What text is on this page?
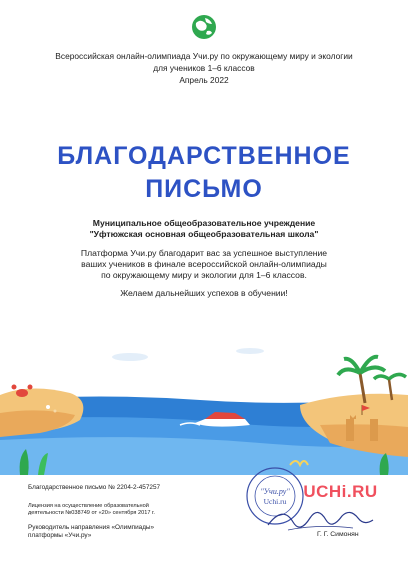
Всероссийская онлайн-олимпиада Учи.ру по окружающему миру и экологии
для учеников 1–6 классов
Апрель 2022
БЛАГОДАРСТВЕННОЕ
ПИСЬМО
Муниципальное общеобразовательное учреждение
"Уфтюжская основная общеобразовательная школа"
Платформа Учи.ру благодарит вас за успешное выступление
ваших учеников в финале всероссийской онлайн-олимпиады
по окружающему миру и экологии для 1–6 классов.
Желаем дальнейших успехов в обучении!
Благодарственное письмо № 2204-2-457257
Лицензия на осуществление образовательной
деятельности №038749 от «20» сентября 2017 г.
Руководитель направления «Олимпиады»
платформы «Учи.ру»
"Учи.ру"
Uchi.ru
UCHi.RU
Г. Г. Симонян
